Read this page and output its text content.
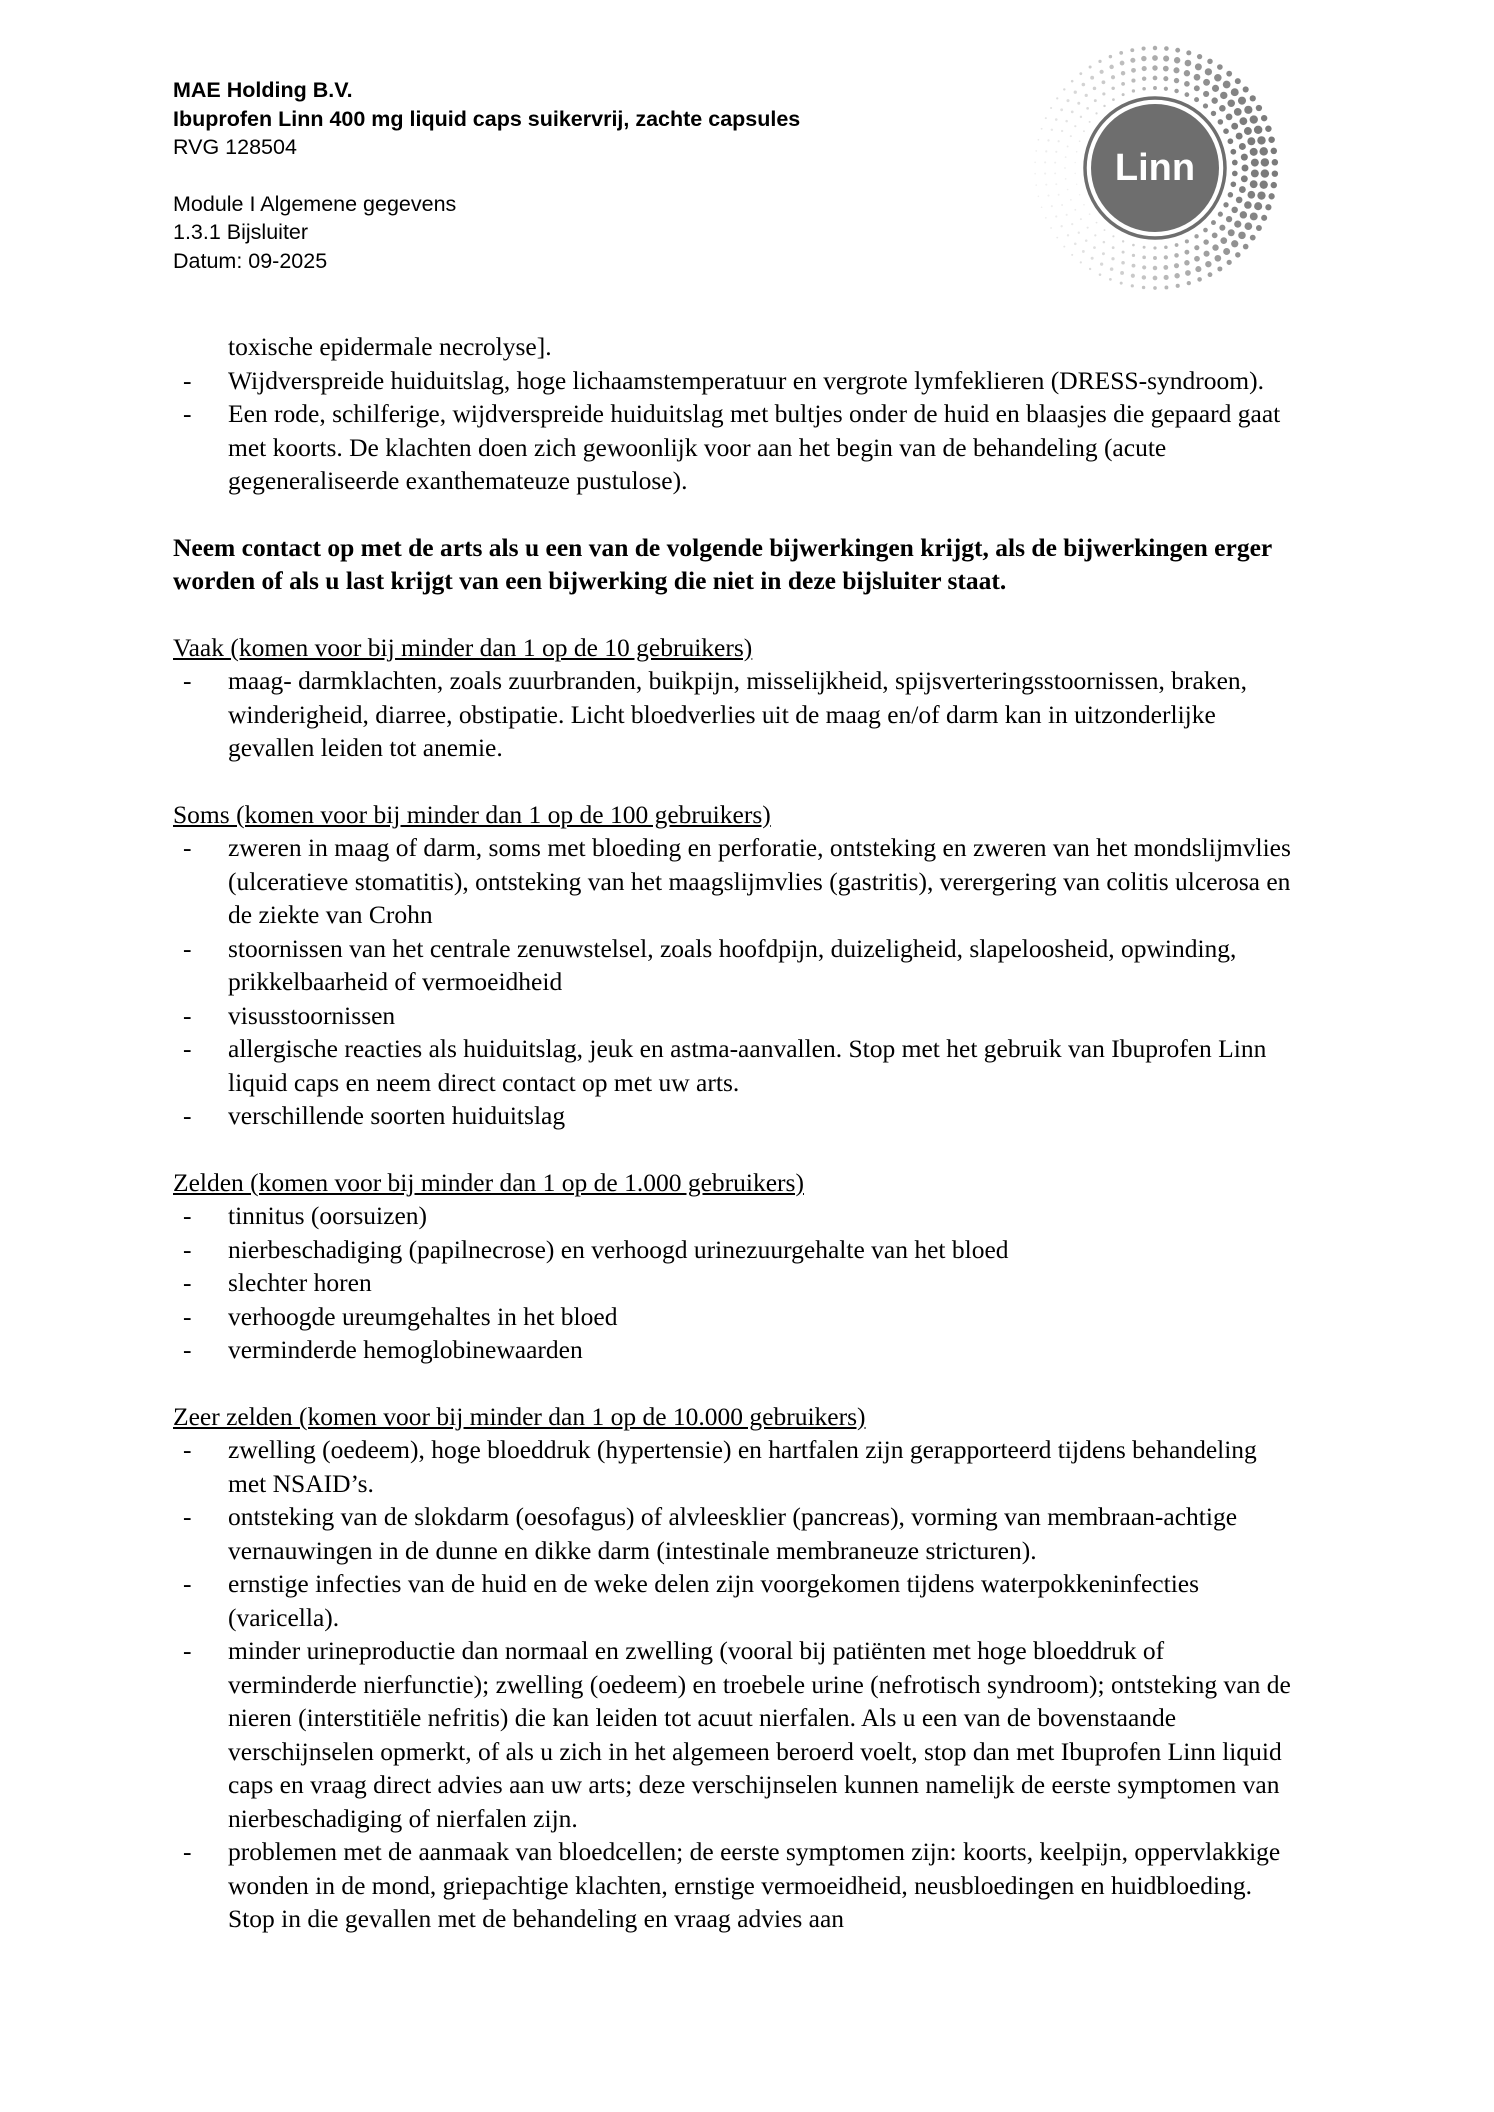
MAE Holding B.V.
Ibuprofen Linn 400 mg liquid caps suikervrij, zachte capsules
RVG 128504
Module I Algemene gegevens
1.3.1 Bijsluiter
Datum: 09-2025
Linn
toxische epidermale necrolyse].
- Wijdverspreide huiduitslag, hoge lichaamstemperatuur en vergrote lymfeklieren (DRESS-syndroom).
- Een rode, schilferige, wijdverspreide huiduitslag met bultjes onder de huid en blaasjes die gepaard gaat met koorts. De klachten doen zich gewoonlijk voor aan het begin van de behandeling (acute gegeneraliseerde exanthemateuze pustulose).
Neem contact op met de arts als u een van de volgende bijwerkingen krijgt, als de bijwerkingen erger worden of als u last krijgt van een bijwerking die niet in deze bijsluiter staat.
Vaak (komen voor bij minder dan 1 op de 10 gebruikers)
- maag- darmklachten, zoals zuurbranden, buikpijn, misselijkheid, spijsverteringsstoornissen, braken, winderigheid, diarree, obstipatie. Licht bloedverlies uit de maag en/of darm kan in uitzonderlijke gevallen leiden tot anemie.
Soms (komen voor bij minder dan 1 op de 100 gebruikers)
- zweren in maag of darm, soms met bloeding en perforatie, ontsteking en zweren van het mondslijmvlies (ulceratieve stomatitis), ontsteking van het maagslijmvlies (gastritis), verergering van colitis ulcerosa en de ziekte van Crohn
- stoornissen van het centrale zenuwstelsel, zoals hoofdpijn, duizeligheid, slapeloosheid, opwinding, prikkelbaarheid of vermoeidheid
- visusstoornissen
- allergische reacties als huiduitslag, jeuk en astma-aanvallen. Stop met het gebruik van Ibuprofen Linn liquid caps en neem direct contact op met uw arts.
- verschillende soorten huiduitslag
Zelden (komen voor bij minder dan 1 op de 1.000 gebruikers)
- tinnitus (oorsuizen)
- nierbeschadiging (papilnecrose) en verhoogd urinezuurgehalte van het bloed
- slechter horen
- verhoogde ureumgehaltes in het bloed
- verminderde hemoglobinewaarden
Zeer zelden (komen voor bij minder dan 1 op de 10.000 gebruikers)
- zwelling (oedeem), hoge bloeddruk (hypertensie) en hartfalen zijn gerapporteerd tijdens behandeling met NSAID’s.
- ontsteking van de slokdarm (oesofagus) of alvleesklier (pancreas), vorming van membraan-achtige vernauwingen in de dunne en dikke darm (intestinale membraneuze stricturen).
- ernstige infecties van de huid en de weke delen zijn voorgekomen tijdens waterpokkeninfecties (varicella).
- minder urineproductie dan normaal en zwelling (vooral bij patiënten met hoge bloeddruk of verminderde nierfunctie); zwelling (oedeem) en troebele urine (nefrotisch syndroom); ontsteking van de nieren (interstitiële nefritis) die kan leiden tot acuut nierfalen. Als u een van de bovenstaande verschijnselen opmerkt, of als u zich in het algemeen beroerd voelt, stop dan met Ibuprofen Linn liquid caps en vraag direct advies aan uw arts; deze verschijnselen kunnen namelijk de eerste symptomen van nierbeschadiging of nierfalen zijn.
- problemen met de aanmaak van bloedcellen; de eerste symptomen zijn: koorts, keelpijn, oppervlakkige wonden in de mond, griepachtige klachten, ernstige vermoeidheid, neusbloedingen en huidbloeding. Stop in die gevallen met de behandeling en vraag advies aan
